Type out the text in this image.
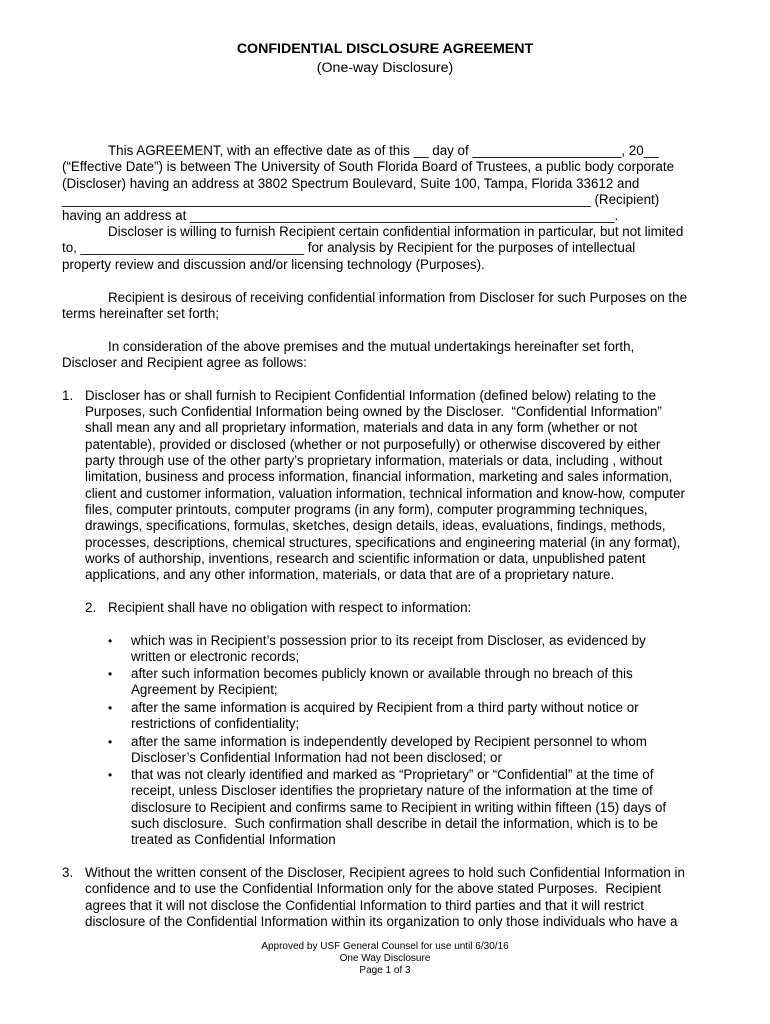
CONFIDENTIAL DISCLOSURE AGREEMENT
(One-way Disclosure)
This AGREEMENT, with an effective date as of this __ day of ____________________, 20__
(“Effective Date”) is between The University of South Florida Board of Trustees, a public body corporate
(Discloser) having an address at 3802 Spectrum Boulevard, Suite 100, Tampa, Florida 33612 and
_______________________________________________________________________ (Recipient)
having an address at _________________________________________________________.
Discloser is willing to furnish Recipient certain confidential information in particular, but not limited
to, ______________________________ for analysis by Recipient for the purposes of intellectual
property review and discussion and/or licensing technology (Purposes).
Recipient is desirous of receiving confidential information from Discloser for such Purposes on the
terms hereinafter set forth;
In consideration of the above premises and the mutual undertakings hereinafter set forth,
Discloser and Recipient agree as follows:
1. Discloser has or shall furnish to Recipient Confidential Information (defined below) relating to the
Purposes, such Confidential Information being owned by the Discloser.  “Confidential Information”
shall mean any and all proprietary information, materials and data in any form (whether or not
patentable), provided or disclosed (whether or not purposefully) or otherwise discovered by either
party through use of the other party’s proprietary information, materials or data, including , without
limitation, business and process information, financial information, marketing and sales information,
client and customer information, valuation information, technical information and know-how, computer
files, computer printouts, computer programs (in any form), computer programming techniques,
drawings, specifications, formulas, sketches, design details, ideas, evaluations, findings, methods,
processes, descriptions, chemical structures, specifications and engineering material (in any format),
works of authorship, inventions, research and scientific information or data, unpublished patent
applications, and any other information, materials, or data that are of a proprietary nature.
2. Recipient shall have no obligation with respect to information:
• which was in Recipient’s possession prior to its receipt from Discloser, as evidenced by
written or electronic records;
• after such information becomes publicly known or available through no breach of this
Agreement by Recipient;
• after the same information is acquired by Recipient from a third party without notice or
restrictions of confidentiality;
• after the same information is independently developed by Recipient personnel to whom
Discloser’s Confidential Information had not been disclosed; or
• that was not clearly identified and marked as “Proprietary” or “Confidential” at the time of
receipt, unless Discloser identifies the proprietary nature of the information at the time of
disclosure to Recipient and confirms same to Recipient in writing within fifteen (15) days of
such disclosure.  Such confirmation shall describe in detail the information, which is to be
treated as Confidential Information
3. Without the written consent of the Discloser, Recipient agrees to hold such Confidential Information in
confidence and to use the Confidential Information only for the above stated Purposes.  Recipient
agrees that it will not disclose the Confidential Information to third parties and that it will restrict
disclosure of the Confidential Information within its organization to only those individuals who have a
Approved by USF General Counsel for use until 6/30/16
One Way Disclosure
Page 1 of 3
